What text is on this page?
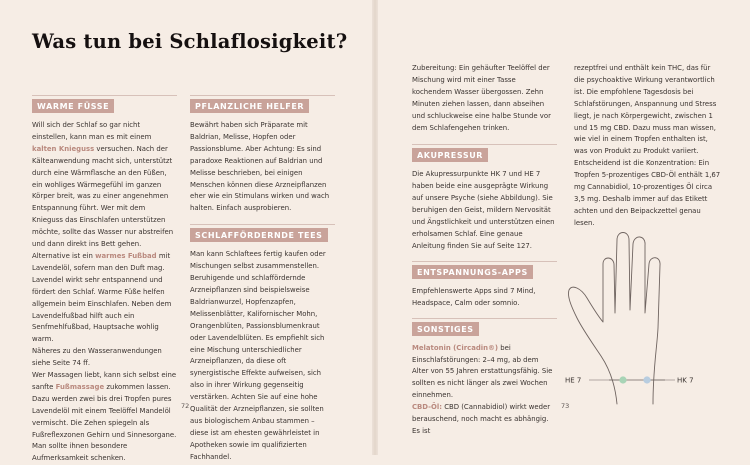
Was tun bei Schlaflosigkeit?
WARME FÜSSE

Will sich der Schlaf so gar nicht einstellen, kann man es mit einem kalten Knieguss versuchen. Nach der Kälteanwendung macht sich, unterstützt durch eine Wärmflasche an den Füßen, ein wohliges Wärmegefühl im ganzen Körper breit, was zu einer angenehmen Entspannung führt. Wer mit dem Knieguss das Einschlafen unterstützen möchte, sollte das Wasser nur abstreifen und dann direkt ins Bett gehen.

Alternative ist ein warmes Fußbad mit Lavendelöl, sofern man den Duft mag. Lavendel wirkt sehr entspannend und fördert den Schlaf. Warme Füße helfen allgemein beim Einschlafen. Neben dem Lavendelfußbad hilft auch ein Senfmehlfußbad, Hauptsache wohlig warm.

Näheres zu den Wasseranwendungen siehe Seite 74 ff.

Wer Massagen liebt, kann sich selbst eine sanfte Fußmassage zukommen lassen. Dazu werden zwei bis drei Tropfen pures Lavendelöl mit einem Teelöffel Mandelöl vermischt. Die Zehen spiegeln als Fußreflexzonen Gehirn und Sinnesorgane. Man sollte ihnen besondere Aufmerksamkeit schenken.

PFLANZLICHE HELFER

Bewährt haben sich Präparate mit Baldrian, Melisse, Hopfen oder Passionsblume. Aber Achtung: Es sind paradoxe Reaktionen auf Baldrian und Melisse beschrieben, bei einigen Menschen können diese Arzneipflanzen eher wie ein Stimulans wirken und wach halten. Einfach ausprobieren.

SCHLAFFÖRDERNDE TEES

Man kann Schlaftees fertig kaufen oder Mischungen selbst zusammenstellen. Beruhigende und schlaffördernde Arzneipflanzen sind beispielsweise Baldrianwurzel, Hopfenzapfen, Melissenblätter, Kalifornischer Mohn, Orangenblüten, Passionsblumenkraut oder Lavendelblüten. Es empfiehlt sich eine Mischung unterschiedlicher Arzneipflanzen, da diese oft synergistische Effekte aufweisen, sich also in ihrer Wirkung gegenseitig verstärken. Achten Sie auf eine hohe Qualität der Arzneipflanzen, sie sollten aus biologischem Anbau stammen – diese ist am ehesten gewährleistet in Apotheken sowie im qualifizierten Fachhandel.

Zubereitung: Ein gehäufter Teelöffel der Mischung wird mit einer Tasse kochendem Wasser übergossen. Zehn Minuten ziehen lassen, dann abseihen und schluckweise eine halbe Stunde vor dem Schlafengehen trinken.

AKUPRESSUR

Die Akupressurpunkte HK 7 und HE 7 haben beide eine ausgeprägte Wirkung auf unsere Psyche (siehe Abbildung). Sie beruhigen den Geist, mildern Nervosität und Ängstlichkeit und unterstützen einen erholsamen Schlaf. Eine genaue Anleitung finden Sie auf Seite 127.

ENTSPANNUNGS-APPS

Empfehlenswerte Apps sind 7 Mind, Headspace, Calm oder somnio.

SONSTIGES

Melatonin (Circadin®) bei Einschlafstörungen: 2–4 mg, ab dem Alter von 55 Jahren erstattungsfähig. Sie sollten es nicht länger als zwei Wochen einnehmen.

CBD-Öl: CBD (Cannabidiol) wirkt weder berauschend, noch macht es abhängig. Es ist

rezeptfrei und enthält kein THC, das für die psychoaktive Wirkung verantwortlich ist. Die empfohlene Tagesdosis bei Schlafstörungen, Anspannung und Stress liegt, je nach Körpergewicht, zwischen 1 und 15 mg CBD. Dazu muss man wissen, wie viel in einem Tropfen enthalten ist, was von Produkt zu Produkt variiert. Entscheidend ist die Konzentration: Ein Tropfen 5-prozentiges CBD-Öl enthält 1,67 mg Cannabidiol, 10-prozentiges Öl circa 3,5 mg. Deshalb immer auf das Etikett achten und den Beipackzettel genau lesen.

HE 7	HK 7
72	73
